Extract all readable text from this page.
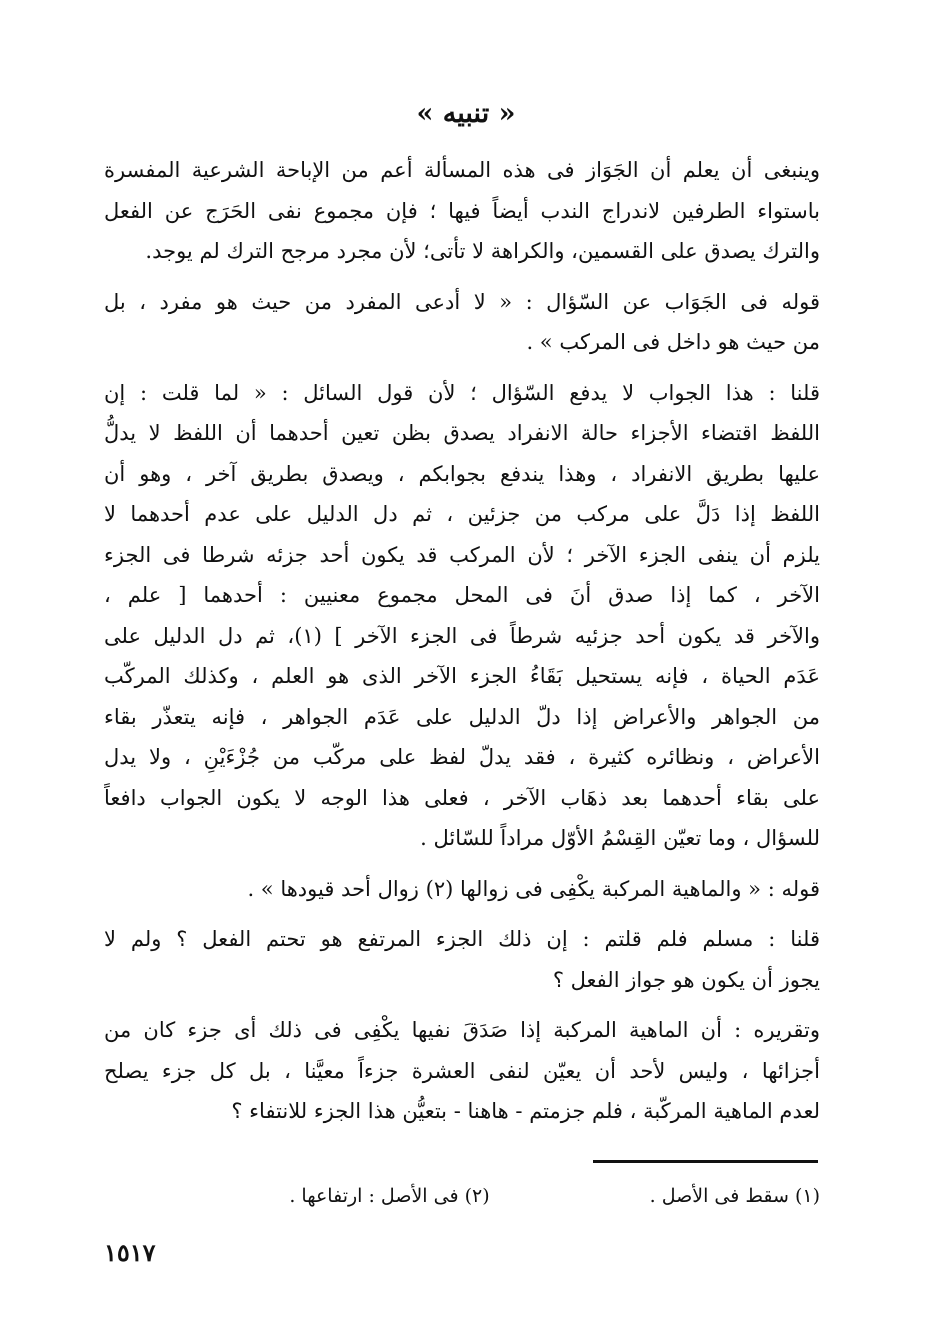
« تنبيه »
وينبغى أن يعلم أن الجَوَاز فى هذه المسألة أعم من الإباحة الشرعية المفسرة
باستواء الطرفين لاندراج الندب أيضاً فيها ؛ فإن مجموع نفى الحَرَج عن الفعل
والترك يصدق على القسمين، والكراهة لا تأتى؛ لأن مجرد مرجح الترك لم يوجد.
قوله فى الجَوَاب عن السّؤال : « لا أدعى المفرد من حيث هو مفرد ، بل
من حيث هو داخل فى المركب » .
قلنا : هذا الجواب لا يدفع السّؤال ؛ لأن قول السائل : « لما قلت : إن
اللفظ اقتضاء الأجزاء حالة الانفراد يصدق بظن تعين أحدهما أن اللفظ لا يدلُّ
عليها بطريق الانفراد ، وهذا يندفع بجوابكم ، ويصدق بطريق آخر ، وهو أن
اللفظ إذا دَلَّ على مركب من جزئين ، ثم دل الدليل على عدم أحدهما لا
يلزم أن ينفى الجزء الآخر ؛ لأن المركب قد يكون أحد جزئه شرطا فى الجزء
الآخر ، كما إذا صدق أنَ فى المحل مجموع معنيين : أحدهما [ علم ،
والآخر قد يكون أحد جزئيه شرطاً فى الجزء الآخر ] (١)، ثم دل الدليل على
عَدَم الحياة ، فإنه يستحيل بَقَاءُ الجزء الآخر الذى هو العلم ، وكذلك المركّب
من الجواهر والأعراض إذا دلّ الدليل على عَدَم الجواهر ، فإنه يتعذّر بقاء
الأعراض ، ونظائره كثيرة ، فقد يدلّ لفظ على مركّب من جُزْءَيْنِ ، ولا يدل
على بقاء أحدهما بعد ذهَاب الآخر ، فعلى هذا الوجه لا يكون الجواب دافعاً
للسؤال ، وما تعيّن القِسْمُ الأوّل مراداً للسّائل .
قوله : « والماهية المركبة يكْفِى فى زوالها (٢) زوال أحد قيودها » .
قلنا : مسلم فلم قلتم : إن ذلك الجزء المرتفع هو تحتم الفعل ؟ ولم لا
يجوز أن يكون هو جواز الفعل ؟
وتقريره : أن الماهية المركبة إذا صَدَقَ نفيها يكْفِى فى ذلك أى جزء كان من
أجزائها ، وليس لأحد أن يعيّن لنفى العشرة جزءاً معيَّنا ، بل كل جزء يصلح
لعدم الماهية المركّبة ، فلم جزمتم - هاهنا - بتعيُّن هذا الجزء للانتفاء ؟
(١) سقط فى الأصل .
(٢) فى الأصل : ارتفاعها .
١٥١٧
